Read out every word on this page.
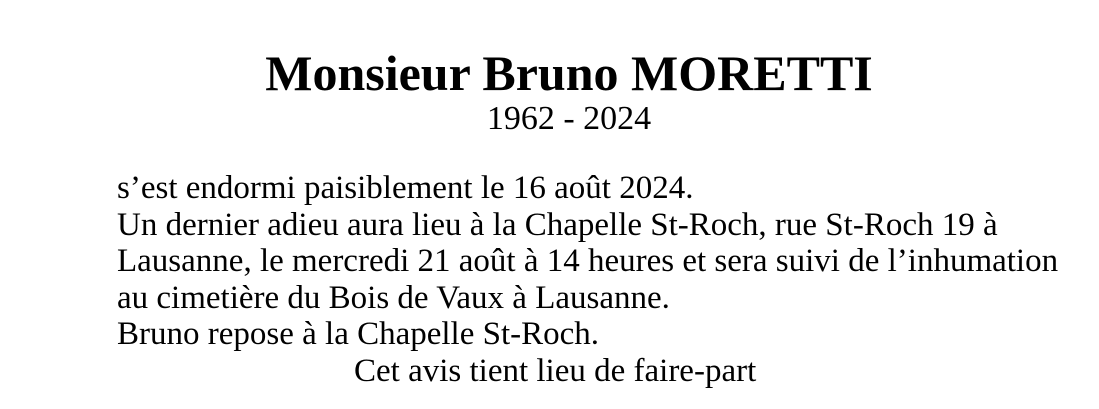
Monsieur Bruno MORETTI
1962 - 2024
s’est endormi paisiblement le 16 août 2024.
Un dernier adieu aura lieu à la Chapelle St-Roch, rue St-Roch 19 à
Lausanne, le mercredi 21 août à 14 heures et sera suivi de l’inhumation
au cimetière du Bois de Vaux à Lausanne.
Bruno repose à la Chapelle St-Roch.
Cet avis tient lieu de faire-part
